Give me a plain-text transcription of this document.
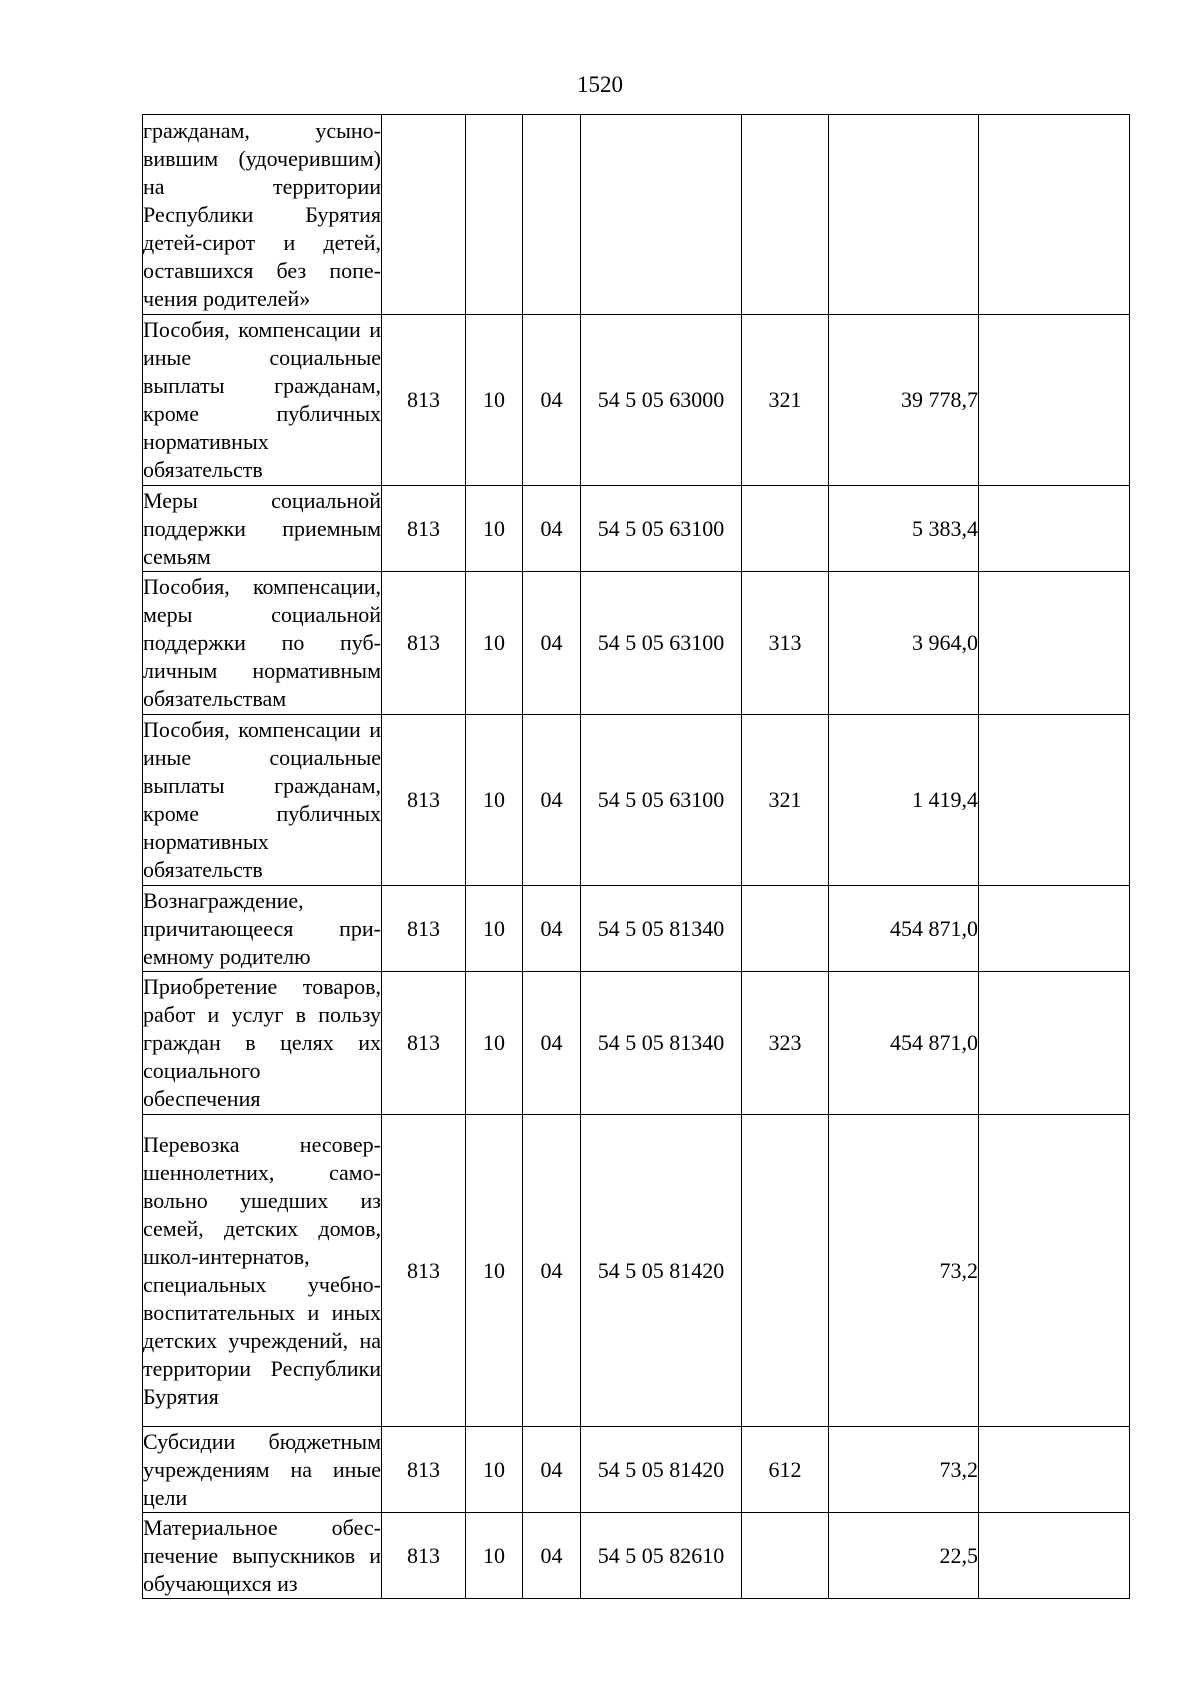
1520
гражданам, усыновившим (удочерившим) на территории Республики Бурятия детей-сирот и детей, оставшихся без попечения родителей»							
Пособия, компенсации и иные социальные выплаты гражданам, кроме публичных нормативных обязательств	813	10	04	54 5 05 63000	321	39 778,7	
Меры социальной поддержки приемным семьям	813	10	04	54 5 05 63100		5 383,4	
Пособия, компенсации, меры социальной поддержки по публичным нормативным обязательствам	813	10	04	54 5 05 63100	313	3 964,0	
Пособия, компенсации и иные социальные выплаты гражданам, кроме публичных нормативных обязательств	813	10	04	54 5 05 63100	321	1 419,4	
Вознаграждение, причитающееся приемному родителю	813	10	04	54 5 05 81340		454 871,0	
Приобретение товаров, работ и услуг в пользу граждан в целях их социального обеспечения	813	10	04	54 5 05 81340	323	454 871,0	
Перевозка несовершеннолетних, самовольно ушедших из семей, детских домов, школ-интернатов, специальных учебно-воспитательных и иных детских учреждений, на территории Республики Бурятия	813	10	04	54 5 05 81420		73,2	
Субсидии бюджетным учреждениям на иные цели	813	10	04	54 5 05 81420	612	73,2	
Материальное обеспечение выпускников и обучающихся из	813	10	04	54 5 05 82610		22,5	
